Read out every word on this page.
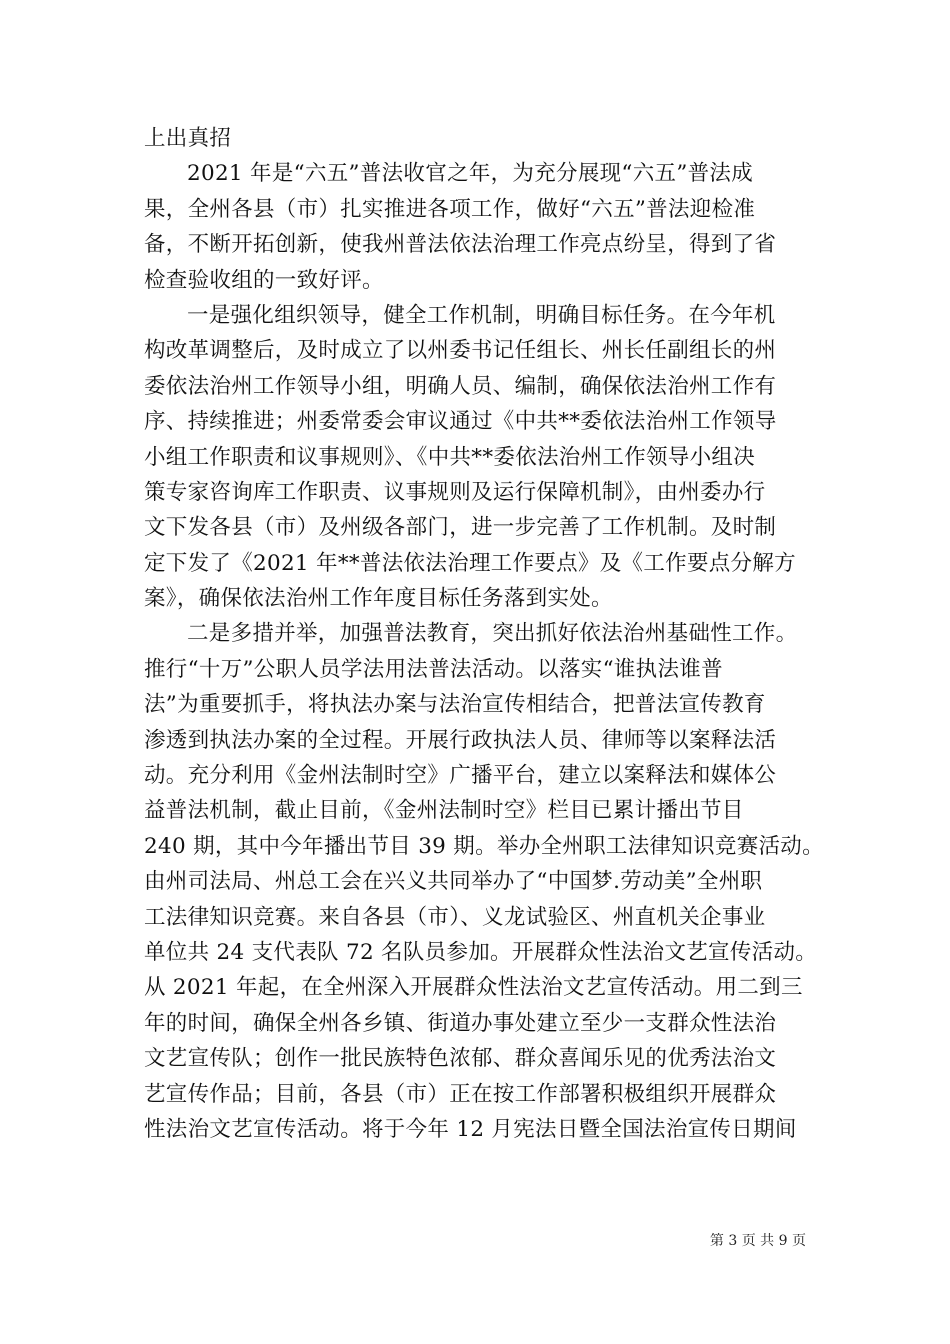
上出真招
2021 年是“六五”普法收官之年，为充分展现“六五”普法成
果，全州各县（市）扎实推进各项工作，做好“六五”普法迎检准
备，不断开拓创新，使我州普法依法治理工作亮点纷呈，得到了省
检查验收组的一致好评。
一是强化组织领导，健全工作机制，明确目标任务。在今年机
构改革调整后，及时成立了以州委书记任组长、州长任副组长的州
委依法治州工作领导小组，明确人员、编制，确保依法治州工作有
序、持续推进；州委常委会审议通过《中共**委依法治州工作领导
小组工作职责和议事规则》、《中共**委依法治州工作领导小组决
策专家咨询库工作职责、议事规则及运行保障机制》，由州委办行
文下发各县（市）及州级各部门，进一步完善了工作机制。及时制
定下发了《2021 年**普法依法治理工作要点》及《工作要点分解方
案》，确保依法治州工作年度目标任务落到实处。
二是多措并举，加强普法教育，突出抓好依法治州基础性工作。
推行“十万”公职人员学法用法普法活动。以落实“谁执法谁普
法”为重要抓手，将执法办案与法治宣传相结合，把普法宣传教育
渗透到执法办案的全过程。开展行政执法人员、律师等以案释法活
动。充分利用《金州法制时空》广播平台，建立以案释法和媒体公
益普法机制，截止目前，《金州法制时空》栏目已累计播出节目
240 期，其中今年播出节目 39 期。举办全州职工法律知识竞赛活动。
由州司法局、州总工会在兴义共同举办了“中国梦.劳动美”全州职
工法律知识竞赛。来自各县（市）、义龙试验区、州直机关企事业
单位共 24 支代表队 72 名队员参加。开展群众性法治文艺宣传活动。
从 2021 年起，在全州深入开展群众性法治文艺宣传活动。用二到三
年的时间，确保全州各乡镇、街道办事处建立至少一支群众性法治
文艺宣传队；创作一批民族特色浓郁、群众喜闻乐见的优秀法治文
艺宣传作品；目前，各县（市）正在按工作部署积极组织开展群众
性法治文艺宣传活动。将于今年 12 月宪法日暨全国法治宣传日期间
第 3 页 共 9 页
